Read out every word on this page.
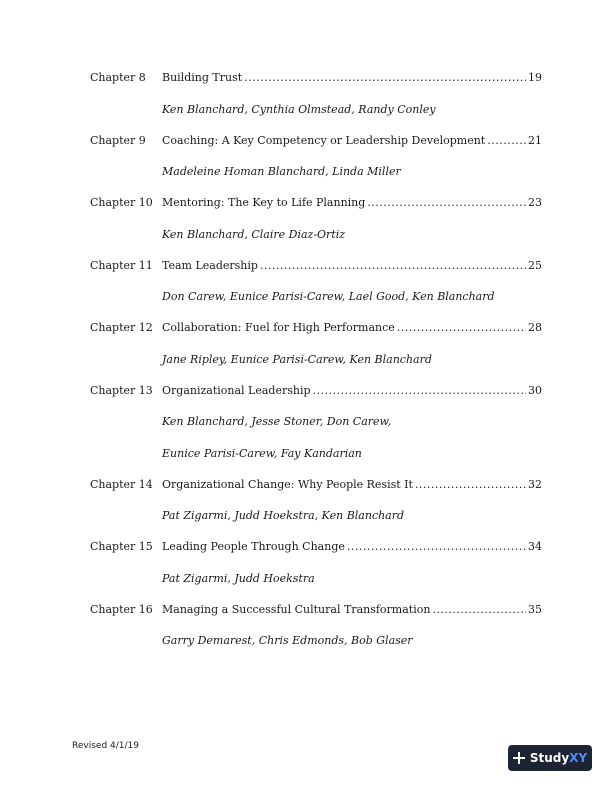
Chapter 8	Building Trust .....	19
Ken Blanchard, Cynthia Olmstead, Randy Conley
Chapter 9	Coaching: A Key Competency or Leadership Development .....	21
Madeleine Homan Blanchard, Linda Miller
Chapter 10 Mentoring: The Key to Life Planning .....	23
Ken Blanchard, Claire Diaz-Ortiz
Chapter 11 Team Leadership .....	25
Don Carew, Eunice Parisi-Carew, Lael Good, Ken Blanchard
Chapter 12 Collaboration: Fuel for High Performance .....	28
Jane Ripley, Eunice Parisi-Carew, Ken Blanchard
Chapter 13 Organizational Leadership .....	30
Ken Blanchard, Jesse Stoner, Don Carew,
Eunice Parisi-Carew, Fay Kandarian
Chapter 14 Organizational Change: Why People Resist It .....	32
Pat Zigarmi, Judd Hoekstra, Ken Blanchard
Chapter 15 Leading People Through Change .....	34
Pat Zigarmi, Judd Hoekstra
Chapter 16 Managing a Successful Cultural Transformation .....	35
Garry Demarest, Chris Edmonds, Bob Glaser
Revised 4/1/19
StudyXY
